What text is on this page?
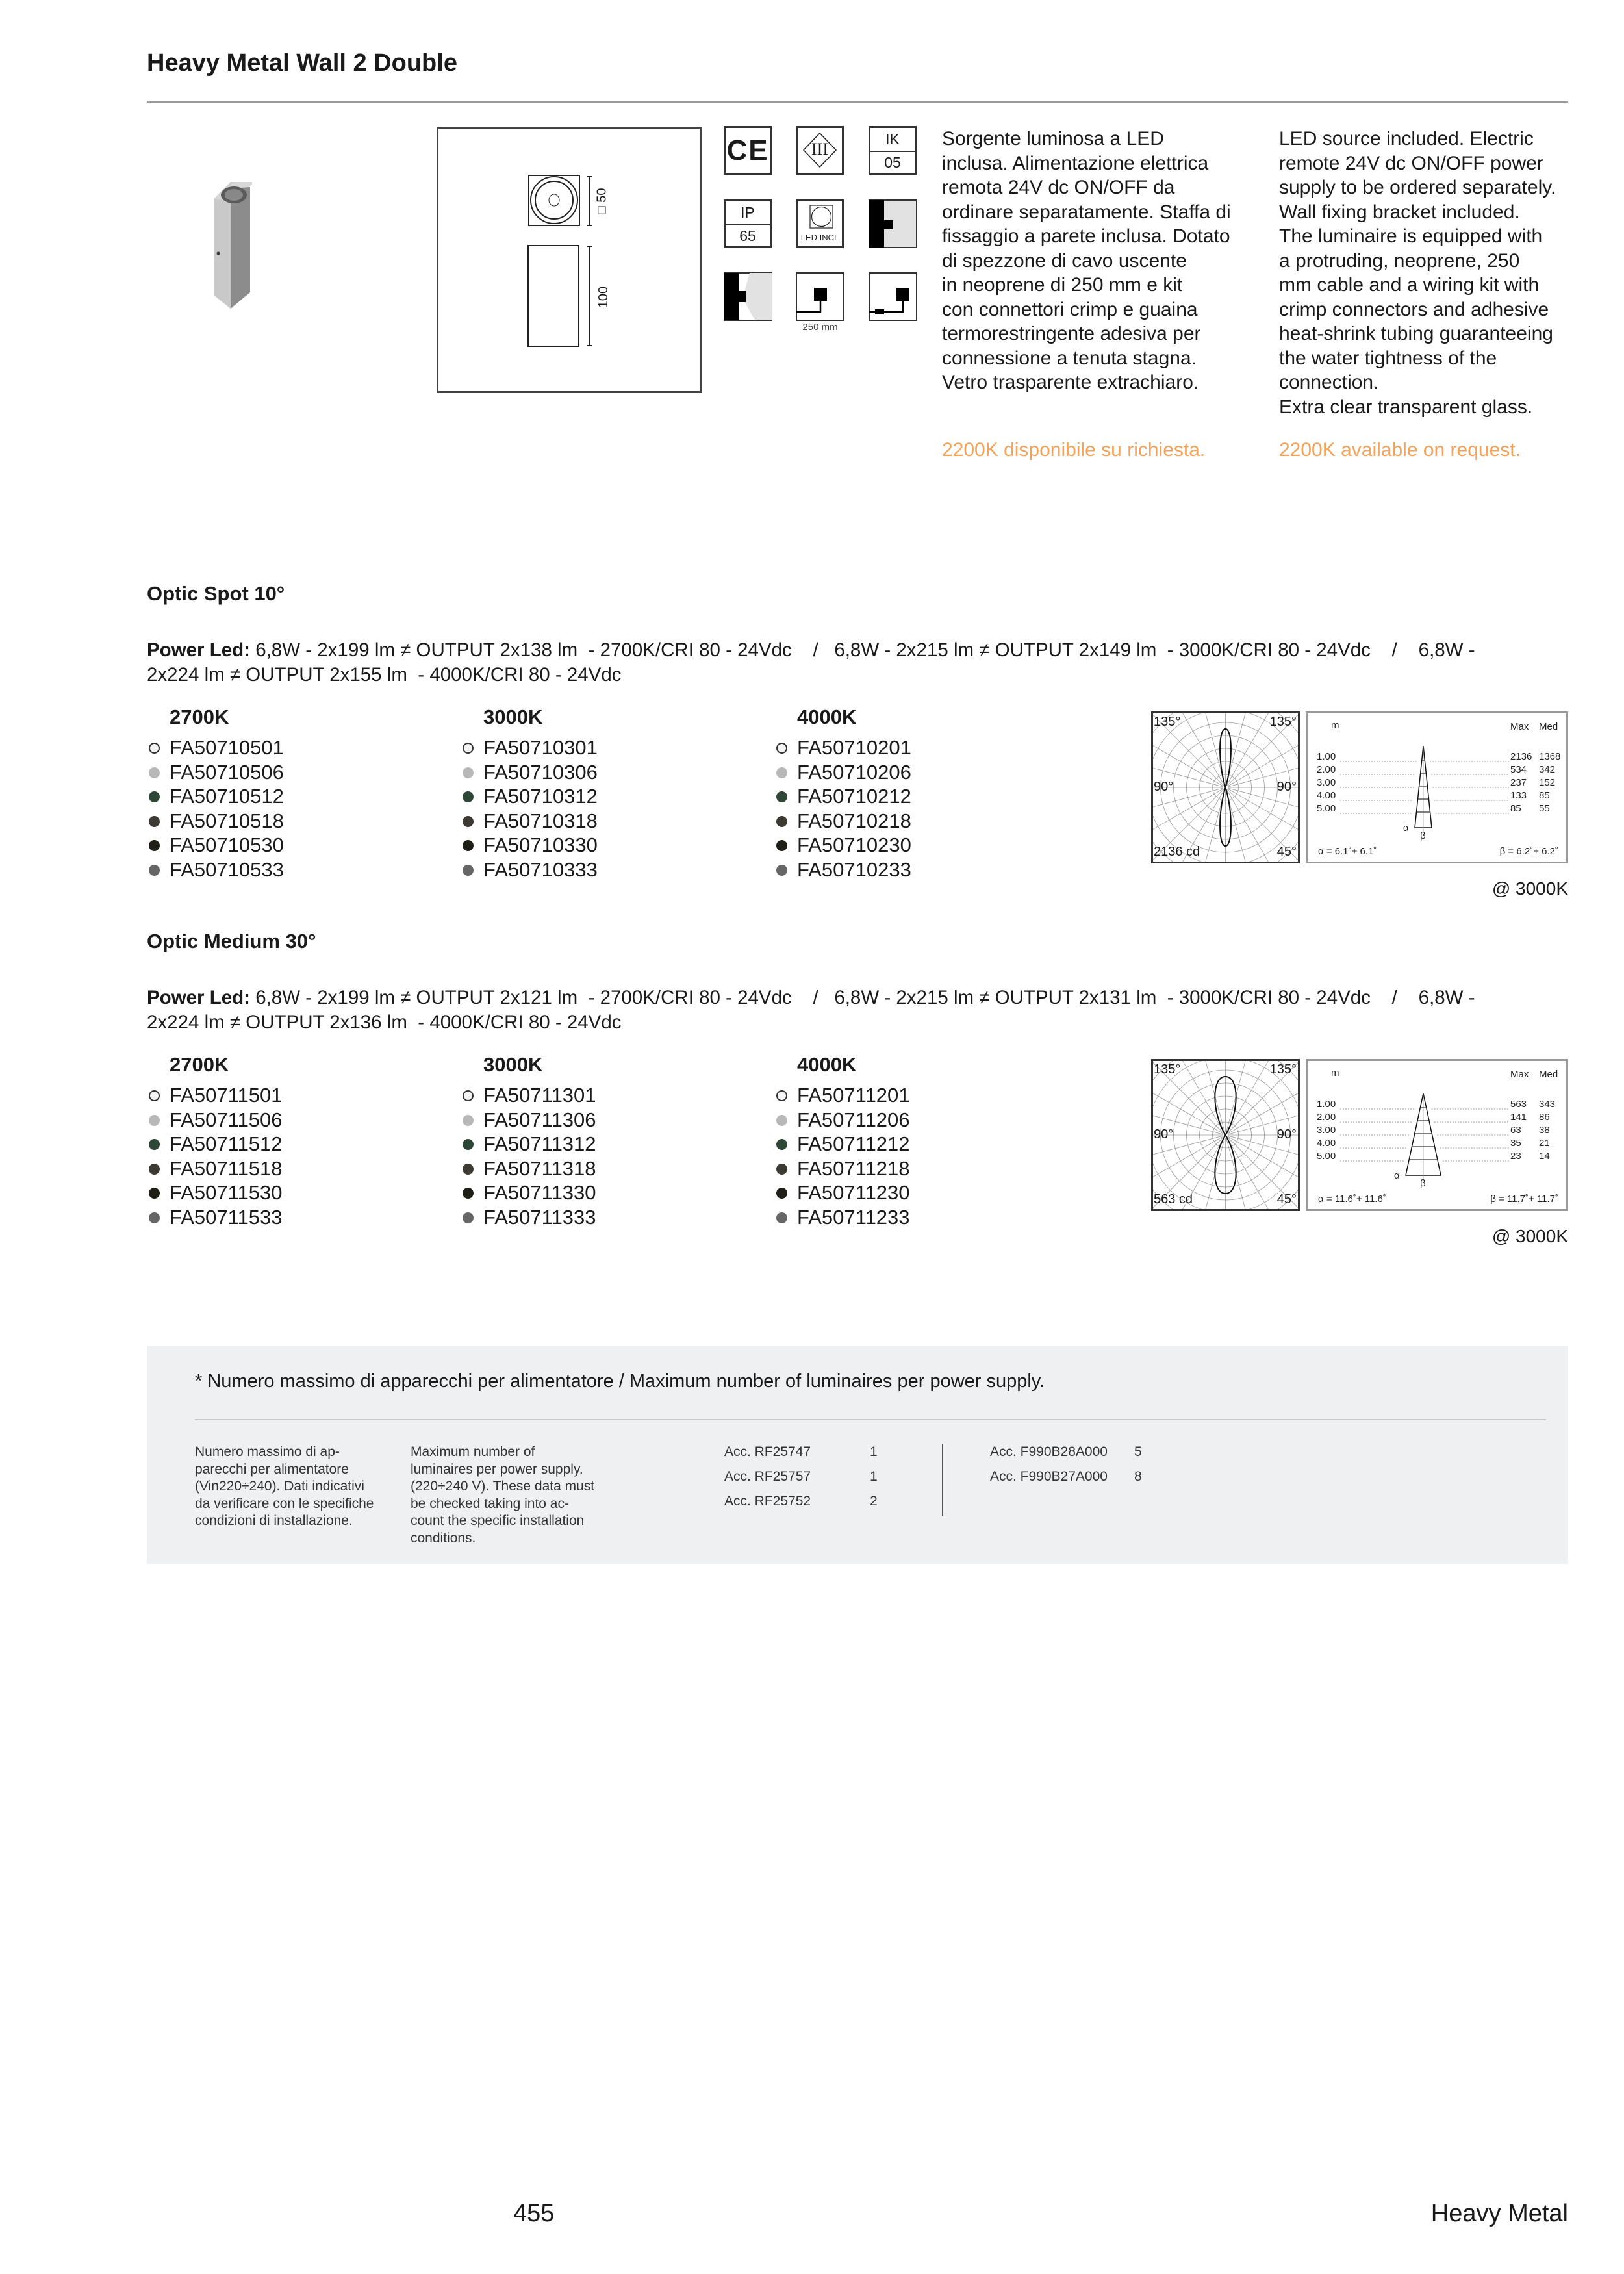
Heavy Metal Wall 2 Double
□ 50
100
CE	III
IK
05
IP
65	LED INCL
250 mm
Sorgente luminosa a LED
inclusa. Alimentazione elettrica
remota 24V dc ON/OFF da
ordinare separatamente. Staffa di
fissaggio a parete inclusa. Dotato
di spezzone di cavo uscente
in neoprene di 250 mm e kit
con connettori crimp e guaina
termorestringente adesiva per
connessione a tenuta stagna.
Vetro trasparente extrachiaro.
LED source included. Electric
remote 24V dc ON/OFF power
supply to be ordered separately.
Wall fixing bracket included.
The luminaire is equipped with
a protruding, neoprene, 250
mm cable and a wiring kit with
crimp connectors and adhesive
heat-shrink tubing guaranteeing
the water tightness of the
connection.
Extra clear transparent glass.
2200K disponibile su richiesta.	2200K available on request.
Optic Spot 10°
Power Led: 6,8W - 2x199 lm ≠ OUTPUT 2x138 lm  - 2700K/CRI 80 - 24Vdc    /   6,8W - 2x215 lm ≠ OUTPUT 2x149 lm  - 3000K/CRI 80 - 24Vdc    /    6,8W -
2x224 lm ≠ OUTPUT 2x155 lm  - 4000K/CRI 80 - 24Vdc
2700K
FA50710501
FA50710506
FA50710512
FA50710518
FA50710530
FA50710533
3000K
FA50710301
FA50710306
FA50710312
FA50710318
FA50710330
FA50710333
4000K
FA50710201
FA50710206
FA50710212
FA50710218
FA50710230
FA50710233
135°	135°
90°	90°
2136 cd	45°
1.00	2136 1368
2.00	534 342
3.00	237 152
4.00	133 85
5.00	85 55
m	Max Med
α
β
α = 6.1˚+ 6.1˚	β = 6.2˚+ 6.2˚
@ 3000K
Optic Medium 30°
Power Led: 6,8W - 2x199 lm ≠ OUTPUT 2x121 lm  - 2700K/CRI 80 - 24Vdc    /   6,8W - 2x215 lm ≠ OUTPUT 2x131 lm  - 3000K/CRI 80 - 24Vdc    /    6,8W -
2x224 lm ≠ OUTPUT 2x136 lm  - 4000K/CRI 80 - 24Vdc
2700K
FA50711501
FA50711506
FA50711512
FA50711518
FA50711530
FA50711533
3000K
FA50711301
FA50711306
FA50711312
FA50711318
FA50711330
FA50711333
4000K
FA50711201
FA50711206
FA50711212
FA50711218
FA50711230
FA50711233
135°	135°
90°	90°
563 cd	45°
1.00	563 343
2.00	141 86
3.00	63 38
4.00	35 21
5.00	23 14
m	Max Med
α
β
α = 11.6˚+ 11.6˚	β = 11.7˚+ 11.7˚
@ 3000K
* Numero massimo di apparecchi per alimentatore / Maximum number of luminaires per power supply.
Numero massimo di ap-
parecchi per alimentatore
(Vin220÷240). Dati indicativi
da verificare con le specifiche
condizioni di installazione.
Maximum number of
luminaires per power supply.
(220÷240 V). These data must
be checked taking into ac-
count the specific installation
conditions.
Acc. RF25747	1
Acc. RF25757	1
Acc. RF25752	2
Acc. F990B28A000 5
Acc. F990B27A000 8
455	Heavy Metal
